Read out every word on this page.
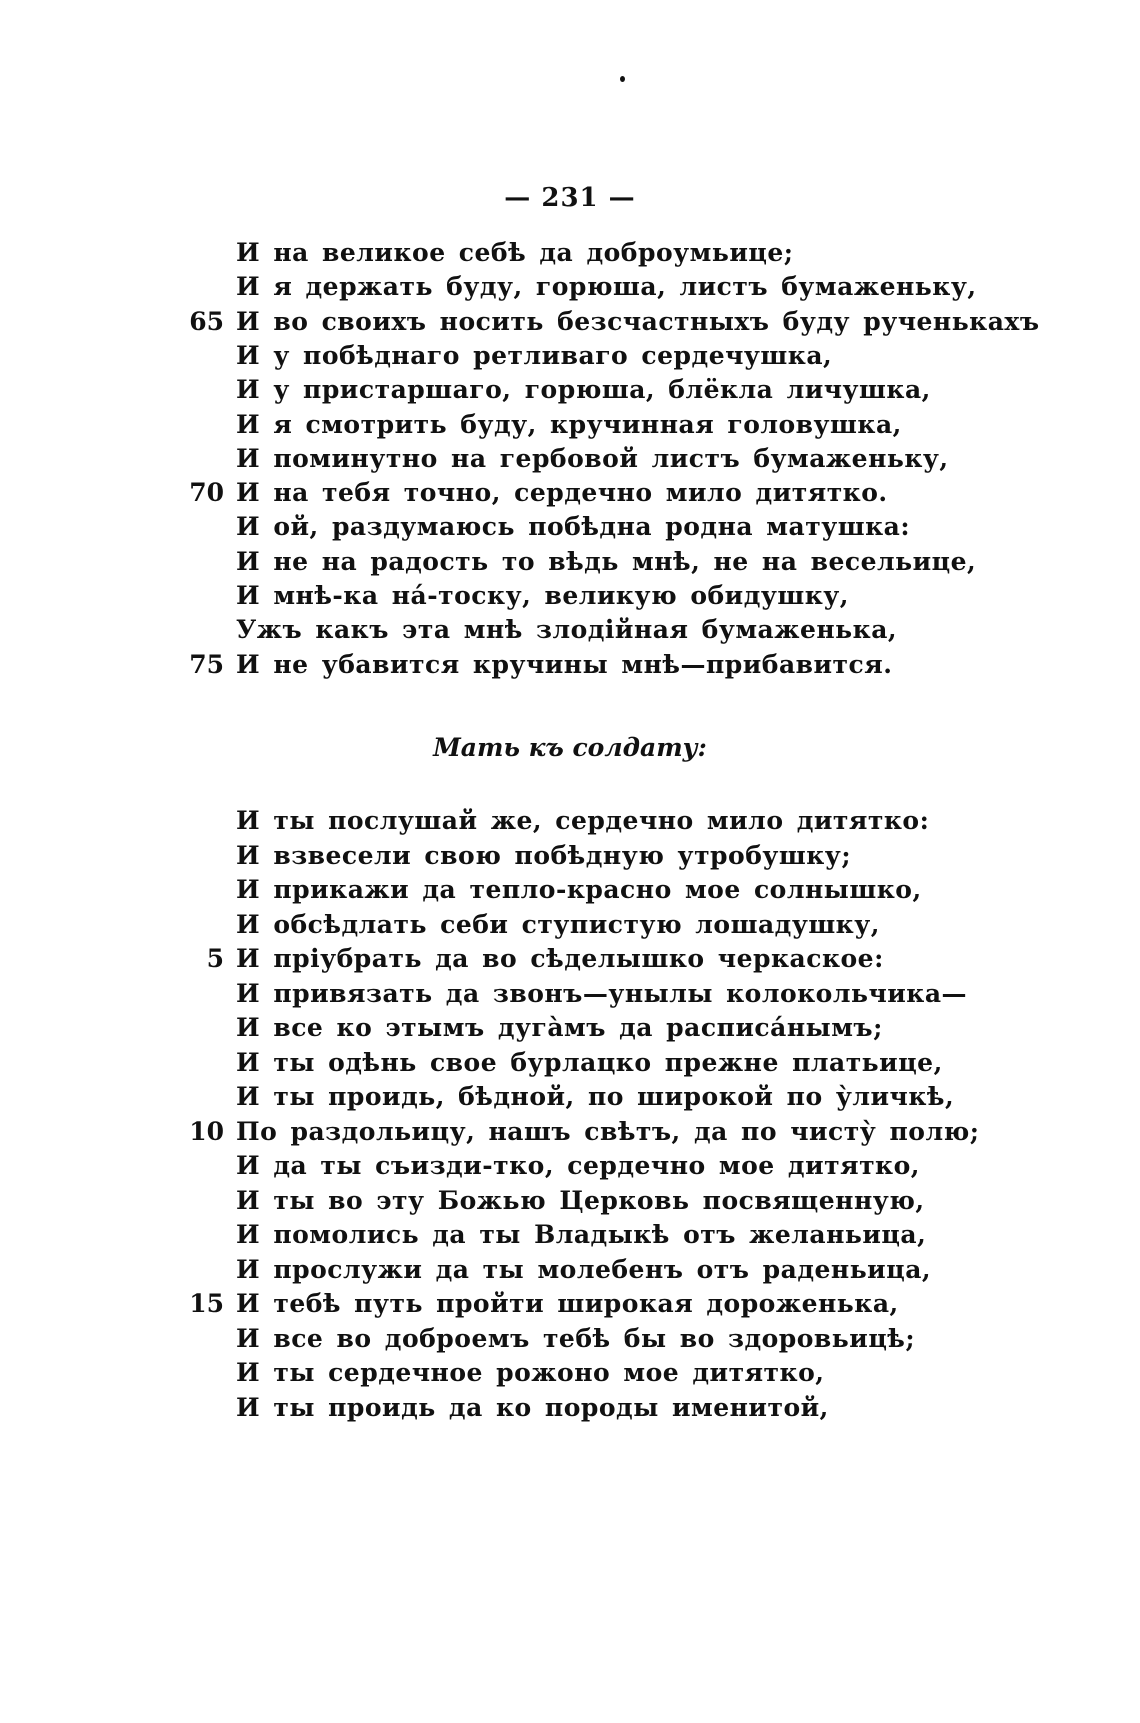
— 231 —
И на великое себѣ да доброумьице;
И я держать буду, горюша, листъ бумаженьку,
65 И во своихъ носить безсчастныхъ буду рученькахъ
И у побѣднаго ретливаго сердечушка,
И у пристаршаго, горюша, блёкла личушка,
И я смотрить буду, кручинная головушка,
И поминутно на гербовой листъ бумаженьку,
70 И на тебя точно, сердечно мило дитятко.
И ой, раздумаюсь побѣдна родна матушка:
И не на радость то вѣдь мнѣ, не на весельице,
И мнѣ-ка на́-тоску, великую обидушку,
Ужъ какъ эта мнѣ злодійная бумаженька,
75 И не убавится кручины мнѣ—прибавится.
Мать къ солдату:
И ты послушай же, сердечно мило дитятко:
И взвесели свою побѣдную утробушку;
И прикажи да тепло-красно мое солнышко,
И обсѣдлать себи ступистую лошадушку,
5 И пріубрать да во сѣделышко черкаское:
И привязать да звонъ—унылы колокольчика—
И все ко этымъ дуга̀мъ да расписа́нымъ;
И ты одѣнь свое бурлацко прежне платьице,
И ты проидь, бѣдной, по широкой по у̀личкѣ,
10 По раздольицу, нашъ свѣтъ, да по чисту̀ полю;
И да ты съизди-тко, сердечно мое дитятко,
И ты во эту Божью Церковь посвященную,
И помолись да ты Владыкѣ отъ желаньица,
И прослужи да ты молебенъ отъ раденьица,
15 И тебѣ путь пройти широкая дороженька,
И все во доброемъ тебѣ бы во здоровьицѣ;
И ты сердечное рожоно мое дитятко,
И ты проидь да ко породы именитой,
